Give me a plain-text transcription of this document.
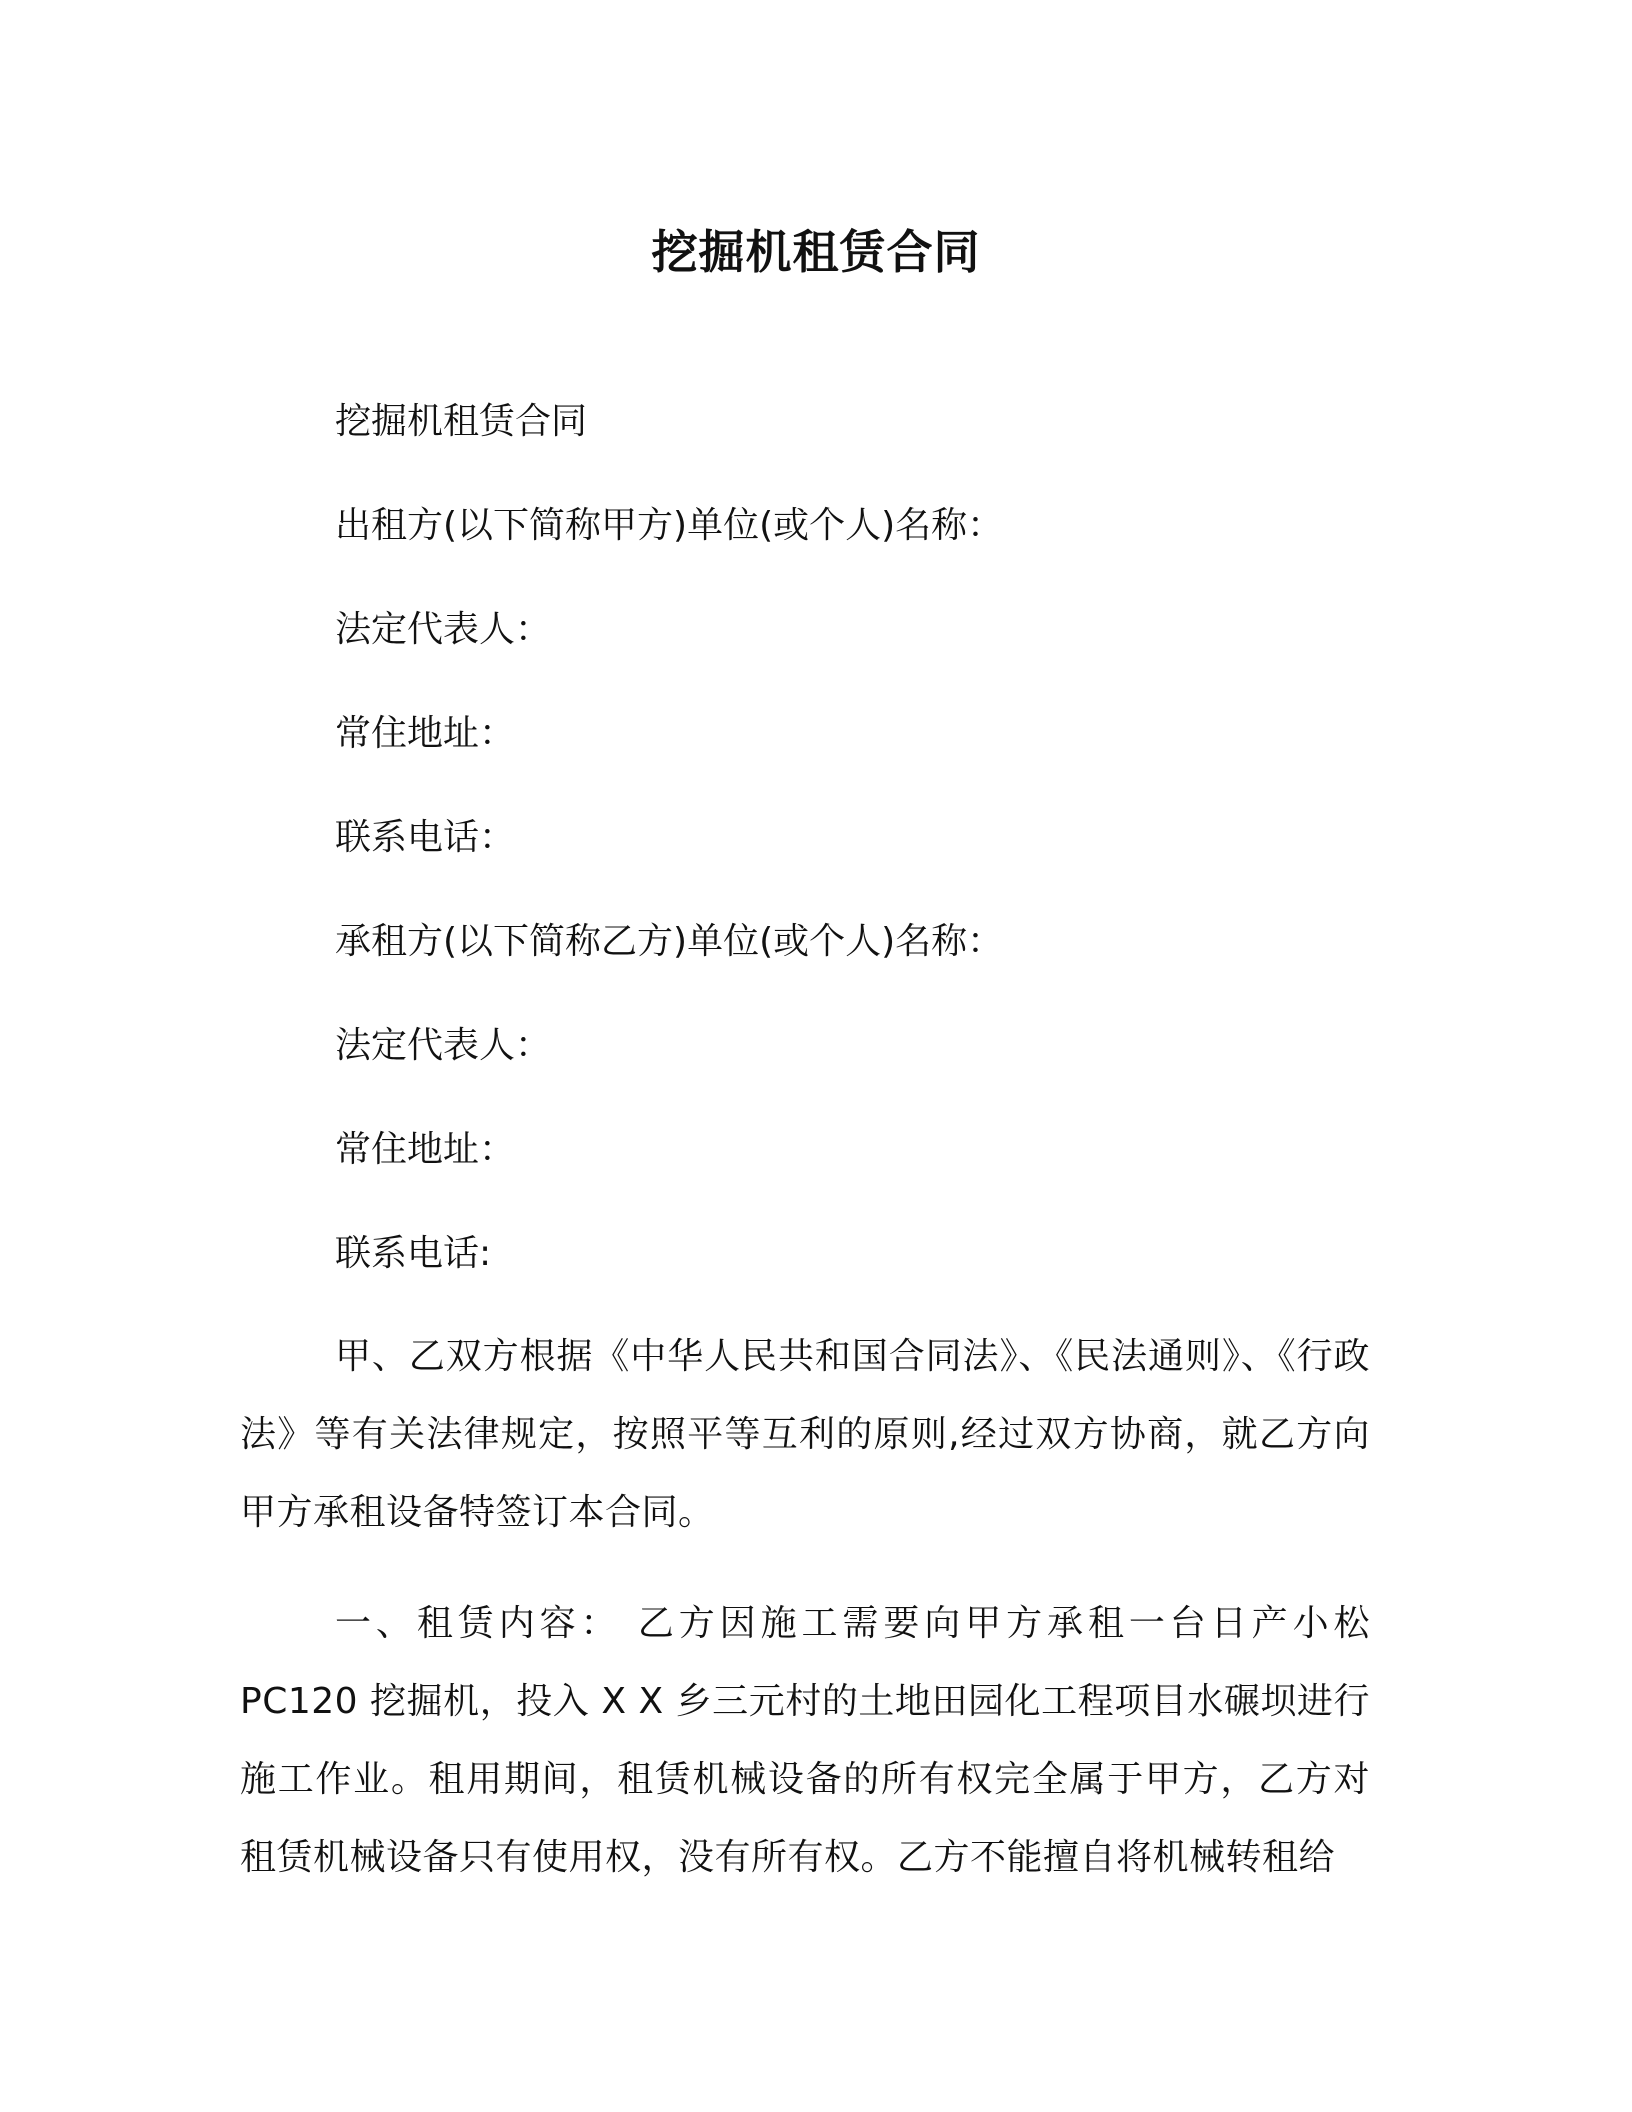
挖掘机租赁合同
挖掘机租赁合同
出租方(以下简称甲方)单位(或个人)名称：
法定代表人：
常住地址：
联系电话：
承租方(以下简称乙方)单位(或个人)名称：
法定代表人：
常住地址：
联系电话:
甲、乙双方根据《中华人民共和国合同法》、《民法通则》、《行政法》等有关法律规定，按照平等互利的原则,经过双方协商，就乙方向甲方承租设备特签订本合同。
一、租赁内容： 乙方因施工需要向甲方承租一台日产小松PC120 挖掘机，投入 X X 乡三元村的土地田园化工程项目水碾坝进行施工作业。租用期间，租赁机械设备的所有权完全属于甲方，乙方对租赁机械设备只有使用权，没有所有权。乙方不能擅自将机械转租给
